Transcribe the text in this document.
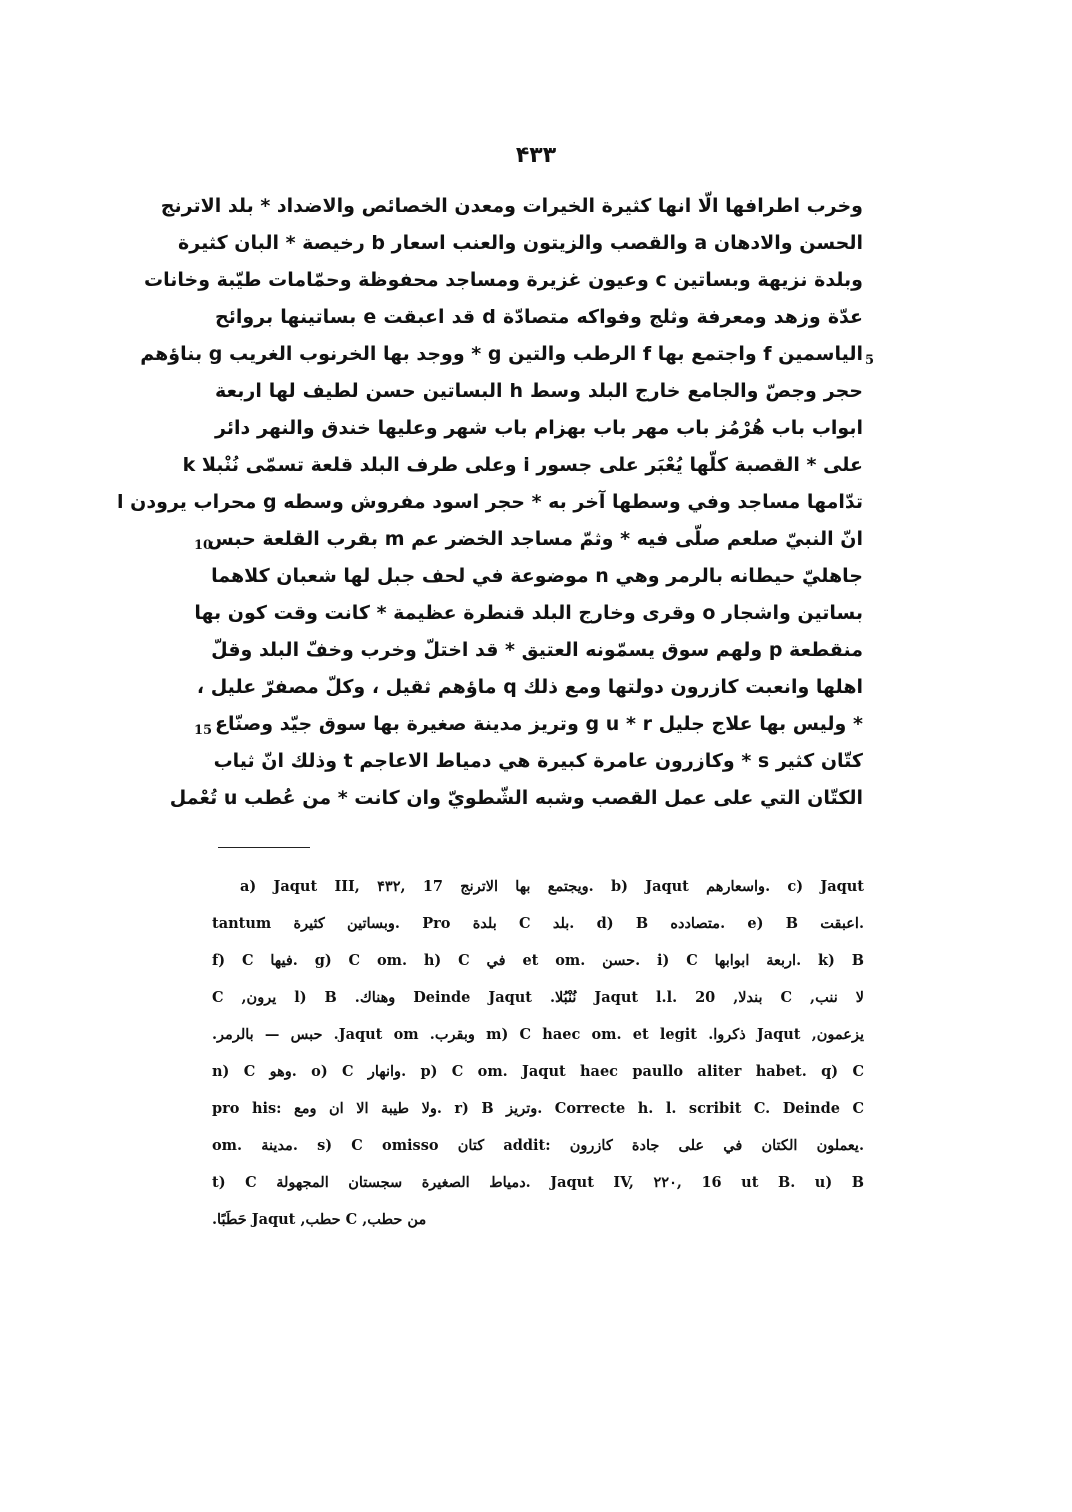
۴۳۳
وخرب اطرافها الّا انها كثيرة الخيرات ومعدن الخصائص والاضداد * بلد الاترنج
الحسن والادهان a والقصب والزيتون والعنب اسعار b رخيصة * البان كثيرة
وبلدة نزيهة وبساتين c وعيون غزيرة ومساجد محفوظة وحمّامات طيّبة وخانات
عدّة وزهد ومعرفة وثلج وفواكه متصادّة d قد اعبقت e بساتينها بروائح
الياسمين f واجتمع بها f الرطب والتين g * ووجد بها الخرنوب الغريب g بناؤهم
حجر وجصّ والجامع خارج البلد وسط h البساتين حسن لطيف لها اربعة
ابواب باب هُرْمُز باب مهر باب بهزام باب شهر وعليها خندق والنهر دائر
على * القصبة كلّها يُعْبَر على جسور i وعلى طرف البلد قلعة تسمّى نُنْبلا k
تدّامها مساجد وفي وسطها آخر به * حجر اسود مفروش وسطه g محراب يرودن l
انّ النبيّ صلعم صلّى فيه * وثمّ مساجد الخضر عم m بقرب القلعة حبس
جاهليّ حيطانه بالرمر وهي n موضوعة في لحف جبل لها شعبان كلاهما
بساتين واشجار o وقرى وخارج البلد قنطرة عظيمة * كانت وقت كون بها
منقطعة p ولهم سوق يسمّونه العتيق * قد اختلّ وخرب وخفّ البلد وقلّ
اهلها وانعبت كازرون دولتها ومع ذلك q ماؤهم ثقيل ، وكلّ مصفرّ عليل ،
* وليس بها علاج جليل g u * r وتريز مدينة صغيرة بها سوق جيّد وصنّاع
كتّان كثير s * وكازرون عامرة كبيرة هي دمياط الاعاجم t وذلك انّ ثياب
الكتّان التي على عمل القصب وشبه الشّطويّ وان كانت * من عُطب u تُعْمل
5
10
15
a) Jaqut III, ۴۳۲, 17 ويجتمع بها الاترنج. b) Jaqut واسعارهم. c) Jaqut
tantum وبساتين كثيرة. Pro بلدة C بلد. d) B متصادده. e) B اعبقت.
f) C فيها. g) C om. h) C في et om. حسن. i) C اربعة ابوابها. k) B
لا ننب, C بندلا, Jaqut l.l. 20 نُنْبُلا. Deinde Jaqut وهناك. l) B يرون, C
يزعمون, Jaqut ذكروا. m) C haec om. et legit وبقرب. Jaqut om. حبس — بالرمر.
n) C وهو. o) C وانهار. p) C om. Jaqut haec paullo aliter habet. q) C
pro his: ولا طيبة الا ان ومع. r) B وتريز. Correcte h. l. scribit C. Deinde C
om. مدينة. s) C omisso كتان addit: يعملون الكتان في على جادة كازرون.
t) C دمياط الصغيرة سجستان المجهولة. Jaqut IV, ۲۲۰, 16 ut B. u) B
من حطب, C حطب, Jaqut حَطَبًا.
